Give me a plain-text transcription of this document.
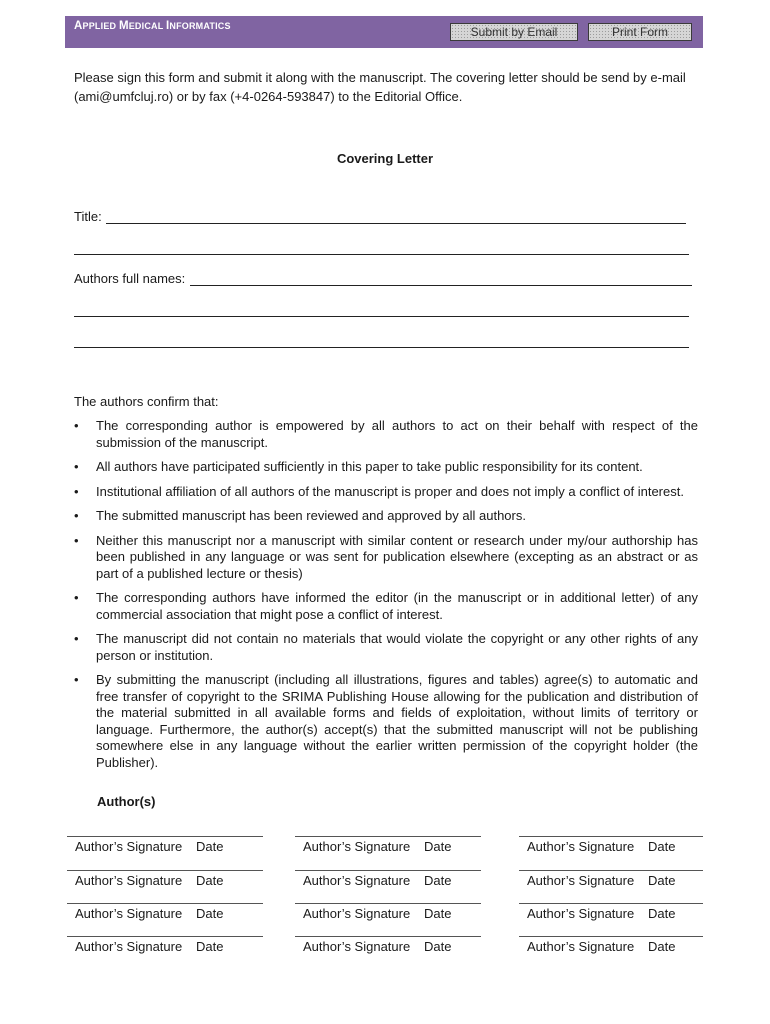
APPLIED MEDICAL INFORMATICS	Submit by Email	Print Form
Please sign this form and submit it along with the manuscript. The covering letter should be send by e-mail (ami@umfcluj.ro) or by fax (+4-0264-593847) to the Editorial Office.
Covering Letter
Title:
Authors full names:
The authors confirm that:
• The corresponding author is empowered by all authors to act on their behalf with respect of the submission of the manuscript.
• All authors have participated sufficiently in this paper to take public responsibility for its content.
• Institutional affiliation of all authors of the manuscript is proper and does not imply a conflict of interest.
• The submitted manuscript has been reviewed and approved by all authors.
• Neither this manuscript nor a manuscript with similar content or research under my/our authorship has been published in any language or was sent for publication elsewhere (excepting as an abstract or as part of a published lecture or thesis)
• The corresponding authors have informed the editor (in the manuscript or in additional letter) of any commercial association that might pose a conflict of interest.
• The manuscript did not contain no materials that would violate the copyright or any other rights of any person or institution.
• By submitting the manuscript (including all illustrations, figures and tables) agree(s) to automatic and free transfer of copyright to the SRIMA Publishing House allowing for the publication and distribution of the material submitted in all available forms and fields of exploitation, without limits of territory or language. Furthermore, the author(s) accept(s) that the submitted manuscript will not be publishing somewhere else in any language without the earlier written permission of the copyright holder (the Publisher).
Author(s)
Author’s Signature Date	Author’s Signature Date	Author’s Signature Date
Author’s Signature Date	Author’s Signature Date	Author’s Signature Date
Author’s Signature Date	Author’s Signature Date	Author’s Signature Date
Author’s Signature Date	Author’s Signature Date	Author’s Signature Date
